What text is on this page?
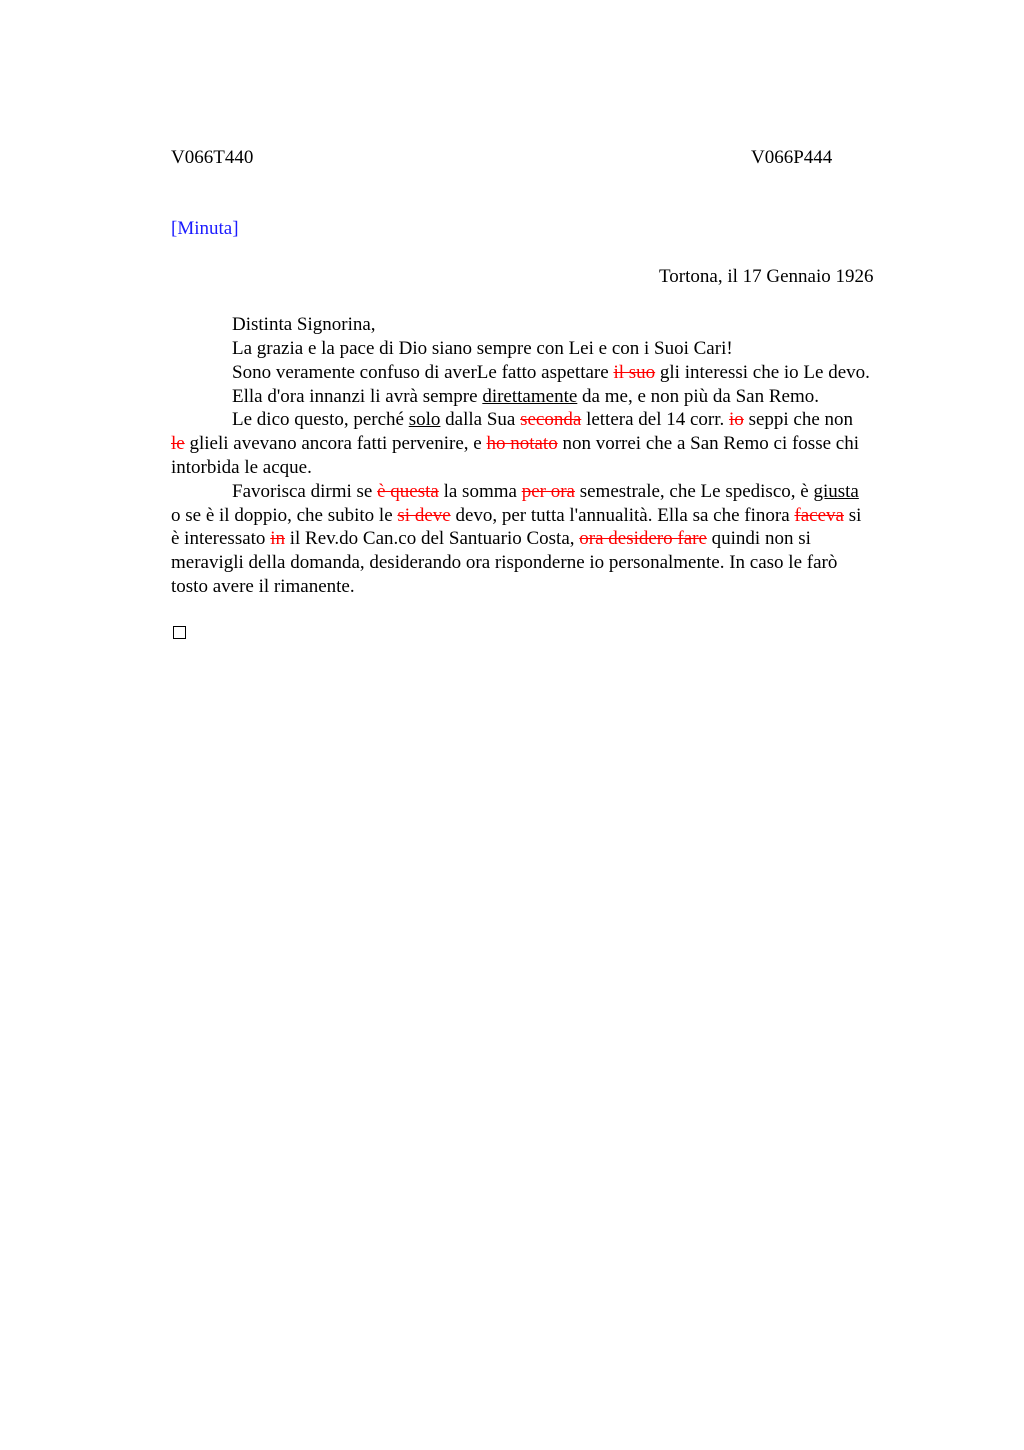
V066T440	V066P444
[Minuta]
Tortona, il 17 Gennaio 1926
Distinta Signorina,
La grazia e la pace di Dio siano sempre con Lei e con i Suoi Cari!
Sono veramente confuso di averLe fatto aspettare il suo gli interessi che io Le devo.
Ella d'ora innanzi li avrà sempre direttamente da me, e non più da San Remo.
Le dico questo, perché solo dalla Sua seconda lettera del 14 corr. io seppi che non
le glieli avevano ancora fatti pervenire, e ho notato non vorrei che a San Remo ci fosse chi
intorbida le acque.
Favorisca dirmi se è questa la somma per ora semestrale, che Le spedisco, è giusta
o se è il doppio, che subito le si deve devo, per tutta l'annualità. Ella sa che finora faceva si
è interessato in il Rev.do Can.co del Santuario Costa, ora desidero fare quindi non si
meravigli della domanda, desiderando ora risponderne io personalmente. In caso le farò
tosto avere il rimanente.
